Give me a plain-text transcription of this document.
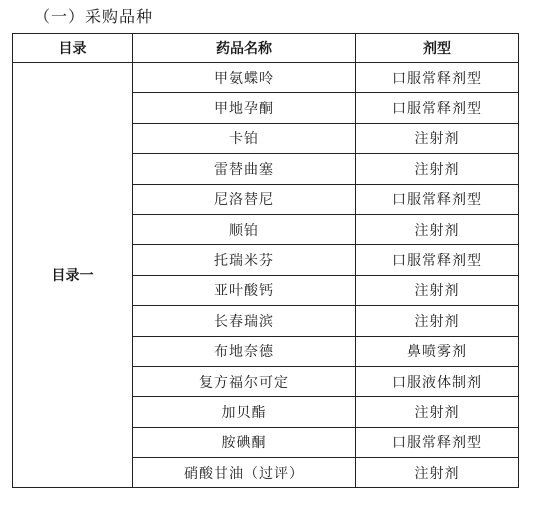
（一）采购品种
目录	药品名称	剂型
目录一	甲氨蝶呤	口服常释剂型
	甲地孕酮	口服常释剂型
	卡铂	注射剂
	雷替曲塞	注射剂
	尼洛替尼	口服常释剂型
	顺铂	注射剂
	托瑞米芬	口服常释剂型
	亚叶酸钙	注射剂
	长春瑞滨	注射剂
	布地奈德	鼻喷雾剂
	复方福尔可定	口服液体制剂
	加贝酯	注射剂
	胺碘酮	口服常释剂型
	硝酸甘油（过评）	注射剂
